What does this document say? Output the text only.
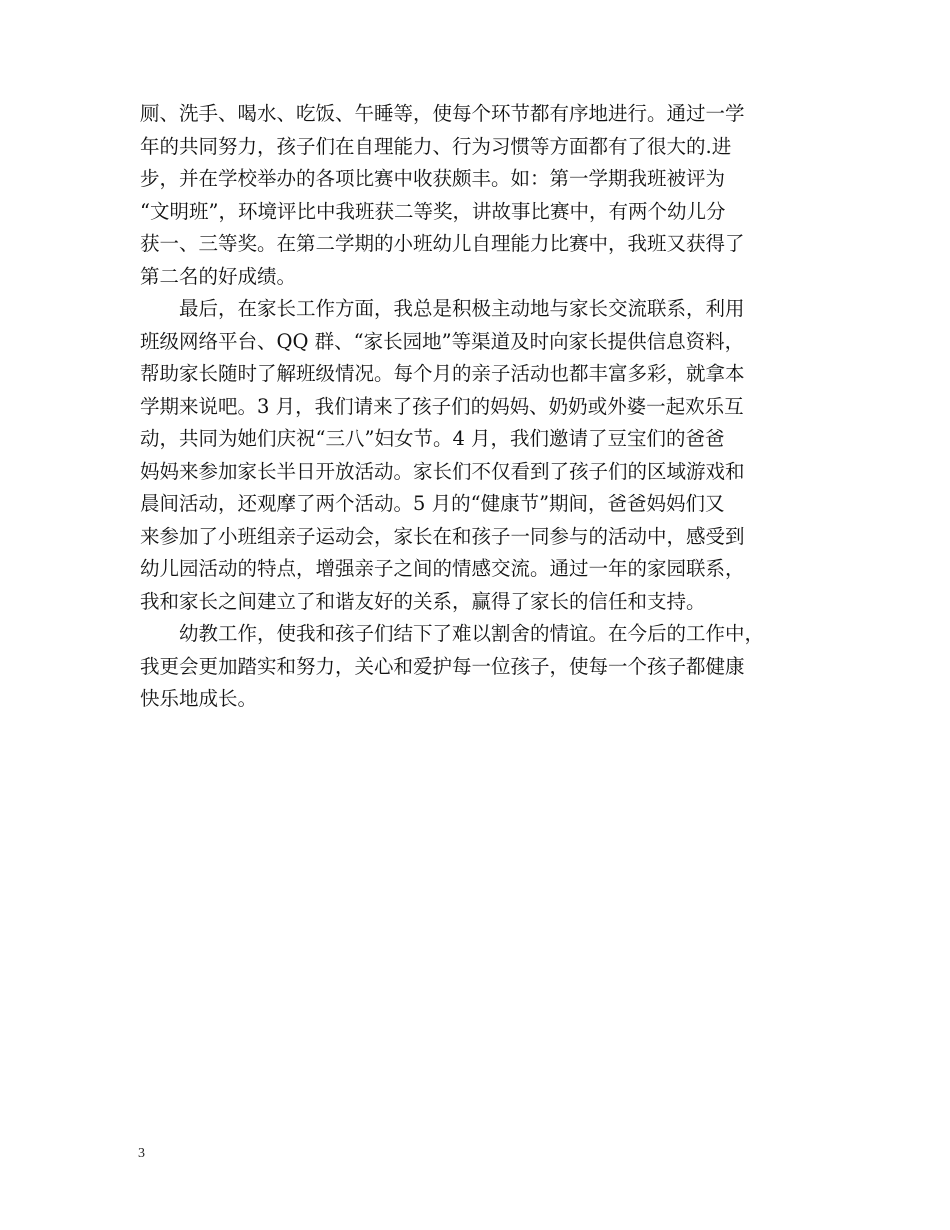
厕、洗手、喝水、吃饭、午睡等，使每个环节都有序地进行。通过一学
年的共同努力，孩子们在自理能力、行为习惯等方面都有了很大的.进
步，并在学校举办的各项比赛中收获颇丰。如：第一学期我班被评为
“文明班”，环境评比中我班获二等奖，讲故事比赛中，有两个幼儿分
获一、三等奖。在第二学期的小班幼儿自理能力比赛中，我班又获得了
第二名的好成绩。
　　最后，在家长工作方面，我总是积极主动地与家长交流联系，利用
班级网络平台、QQ 群、“家长园地”等渠道及时向家长提供信息资料，
帮助家长随时了解班级情况。每个月的亲子活动也都丰富多彩，就拿本
学期来说吧。3 月，我们请来了孩子们的妈妈、奶奶或外婆一起欢乐互
动，共同为她们庆祝“三八”妇女节。4 月，我们邀请了豆宝们的爸爸
妈妈来参加家长半日开放活动。家长们不仅看到了孩子们的区域游戏和
晨间活动，还观摩了两个活动。5 月的“健康节”期间，爸爸妈妈们又
来参加了小班组亲子运动会，家长在和孩子一同参与的活动中，感受到
幼儿园活动的特点，增强亲子之间的情感交流。通过一年的家园联系，
我和家长之间建立了和谐友好的关系，赢得了家长的信任和支持。
　　幼教工作，使我和孩子们结下了难以割舍的情谊。在今后的工作中，
我更会更加踏实和努力，关心和爱护每一位孩子，使每一个孩子都健康
快乐地成长。
3
